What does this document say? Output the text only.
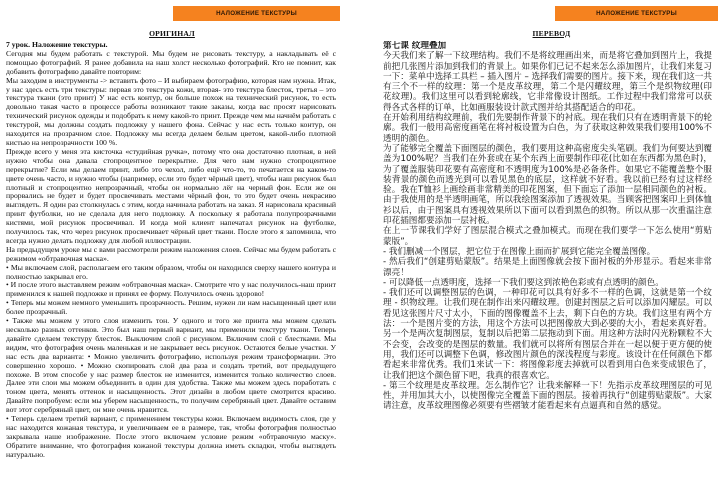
НАЛОЖЕНИЕ ТЕКСТУРЫ
ОРИГИНАЛ

7 урок. Наложение текстуры.

Сегодня мы будем работать с текстурой. Мы будем не рисовать текстуру, а накладывать её с помощью фотографий. Я ранее добавила на наш холст несколько фотографий. Кто не помнит, как добавить фотографию давайте повторим:

Мы заходим в инструменты -> вставить фото – И выбираем фотографию, которая нам нужна. Итак, у нас здесь есть три текстуры: первая это текстура кожи, вторая- это текстура блесток, третья – это текстура ткани (это принт) У нас есть контур, он больше похож на технический рисунок, то есть довольно такая часто в процессе работы возникают такие заказы, когда вас просят нарисовать технический рисунок одежды и подобрать к нему какой-то принт. Прежде чем мы начнём работать с текстурой, мы должны создать подложку у нашего фона. Сейчас у нас есть только контур, он находится на прозрачном слое. Подложку мы всегда делаем белым цветом, какой-либо плотной кистью на непрозрачности 100 %.

Прежде всего у меня эта кисточка «студийная ручка», потому что она достаточно плотная, в ней нужно чтобы она давала стопроцентное перекрытие. Для чего нам нужно стопроцентное перекрытие? Если мы делаем принт, либо это чехол, либо ещё что-то, то печатается на каком-то цвете очень часто, и нужно чтобы (например, если это будет чёрный цвет), чтобы наш рисунок был плотный и стопроцентно непрозрачный, чтобы он нормально лёг на черный фон. Если же он прорвались не будет и будет просвечивать местами чёрный фон, то это будет очень некрасиво выглядеть. Я один раз столкнулась с этим, когда начинала работать на заказ. Я нарисовала красивый принт футболки, но не сделала для него подложку. А поскольку я работала полупрозрачными кистями, мой рисунок просвечивал. И когда мой клиент напечатал рисунок на футболке, получилось так, что через рисунок просвечивает чёрный цвет ткани. После этого я запомнила, что всегда нужно делать подложку для любой иллюстрации.

На предыдущем уроке мы с вами рассмотрели режим наложения слоев. Сейчас мы будем работать с режимом «обтравочная маска».

• Мы включаем слой, располагаем его таким образом, чтобы он находился сверху нашего контура и полностью закрывал его.

• И после этого выставляем режим «обтравочная маска». Смотрите что у нас получилось-наш принт применился к нашей подложке и принял ее форму. Получилось очень здорово!

• Теперь мы можем немного уменьшить прозрачность. Решим, нужен ли нам насыщенный цвет или более прозрачный.

• Также мы можем у этого слоя изменить тон. У одного и того же принта мы можем сделать несколько разных оттенков. Это был наш первый вариант, мы применили текстуру ткани. Теперь давайте сделаем текстуру блесток. Выключим слой с рисунком. Включим слой с блестками. Мы видим, что фотография очень маленькая и не закрывает весь рисунок. Остаются белые участки. У нас есть два варианта: • Можно увеличить фотографию, используя режим трансформации. Это совершенно хорошо. • Можно скопировать слой два раза и создать третий, вот предыдущего похоже. В этом способе у нас размер блесток не изменится, изменится только количество слоев. Далее эти слои мы можем объединить в один для удобства. Также мы можем здесь поработать с тоном цвета, менять оттенок и насыщенность. Этот дизайн в любом цвете смотрится красиво. Давайте попробуем: если мы уберем насыщенность, то получим серебряный цвет. Давайте оставим вот этот серебряный цвет, он мне очень нравится.

• Теперь сделаем третий вариант, с применением текстуры кожи. Включаем видимость слоя, где у нас находится кожаная текстура, и увеличиваем ее в размере, так, чтобы фотография полностью закрывала наше изображение. После этого включаем условие режим «обтравочную маску». Обратите внимание, что фотография кожаной текстуры должна иметь складки, чтобы выглядеть натурально.

НАЛОЖЕНИЕ ТЕКСТУРЫ
ПЕРЕВОД

第七课 纹理叠加

今天我们来了解一下纹理结构。我们不是将纹理画出来，而是将它叠加到图片上，我提前把几张图片添加到我们的背景上。如果你们已记不起来怎么添加图片，让我们来复习一下：菜单中选择工具栏 – 插入图片 – 选择我们需要的图片。接下来，现在我们这一共有三个不一样的纹理：第一个是皮革纹理，第二个是闪耀纹理，第三个是织物纹理(印花纹理)。我们这里可以看到轮廓线，它非常像设计图纸。工作过程中我们常常可以获得各式各样的订单，比如画服装设计款式图并给其搭配适合的印花。

在开始利用结构纹理前，我们先要制作背景下的衬底。现在我们只有在透明背景下的轮廓。我们一般用高密度画笔在将衬板设置为白色，为了获取这种效果我们要用100%不透明的颜色。

为了能够完全覆盖下面图层的颜色，我们要用这种高密度尖头笔刷。我们为何要达到覆盖为100%呢？当我们在外套或在某个东西上面要制作印花(比如在东西都为黑色时)，为了覆盖服装印花要有高密度和不透明度为100%是必备条件。如果它不能覆盖整个服装背景的颜色而透光到可以看见黑色的底层，这样就不好看。我以前已经有过这样经验。我在T恤衫上画绘画非常精美的印花图案，但下面忘了添加一层相同颜色的衬板。由于我使用的是半透明画笔，所以我绘图案添加了透视效果。当顾客把图案印上到体恤衫以后，由于图案具有透视效果所以下面可以看到黑色的织物。所以从那一次重温注意印花插图都要添加一层衬板。

在上一节课我们学好了图层混合模式之叠加模式。而现在我们要学一下怎么使用“剪贴蒙版”。

- 我们删减一个图层，把它位于在图像上面而扩展到它能完全覆盖图像。

- 然后我们“创建剪贴蒙版”。结果是上面图像就会按下面衬板的外形显示。看起来非常漂亮！

- 可以降低一点透明度，选择一下我们要这到浓艳色彩或有点透明的颜色。

- 我们还可以调整图层的色调，一种印花可以具有好多不一样的色调，这就是第一个纹理 - 织物纹理。让我们现在制作出来闪耀纹理。创建封图层之后可以添加闪耀层。可以看见这张图片尺寸太小，下面的图像覆盖不上去，剩下白色的方块。我们这里有两个方法：一个是图片变的方法，用这个方法可以把图像放大到必要的大小，看起来真好看。另一个是两次复制图层，复制以后把第二层拖动到下面。用这种方法时闪光粉颗粒不大不会变，会改变的是图层的数量。我们就可以将所有图层合并在一起以便于更方便的使用，我们还可以调整下色调，修改图片颜色的深浅程度与彩度。该设计在任何颜色下都看起来非常优秀。我们1来试一下：将图像彩度去掉就可以看到用白色来变成银色了，让我们把这个颜色留下吧，我真的很喜欢它。

- 第三个纹理是皮革纹理。怎么制作它？让我来解释一下！先指示皮革纹理图层的可见性，并用加其大小，以使图像完全覆盖下面的图层。接着再执行“创建剪贴蒙版”。大家请注意，皮革纹理图像必须要有些褶皱才能看起来有点逼真和自然的感觉。
